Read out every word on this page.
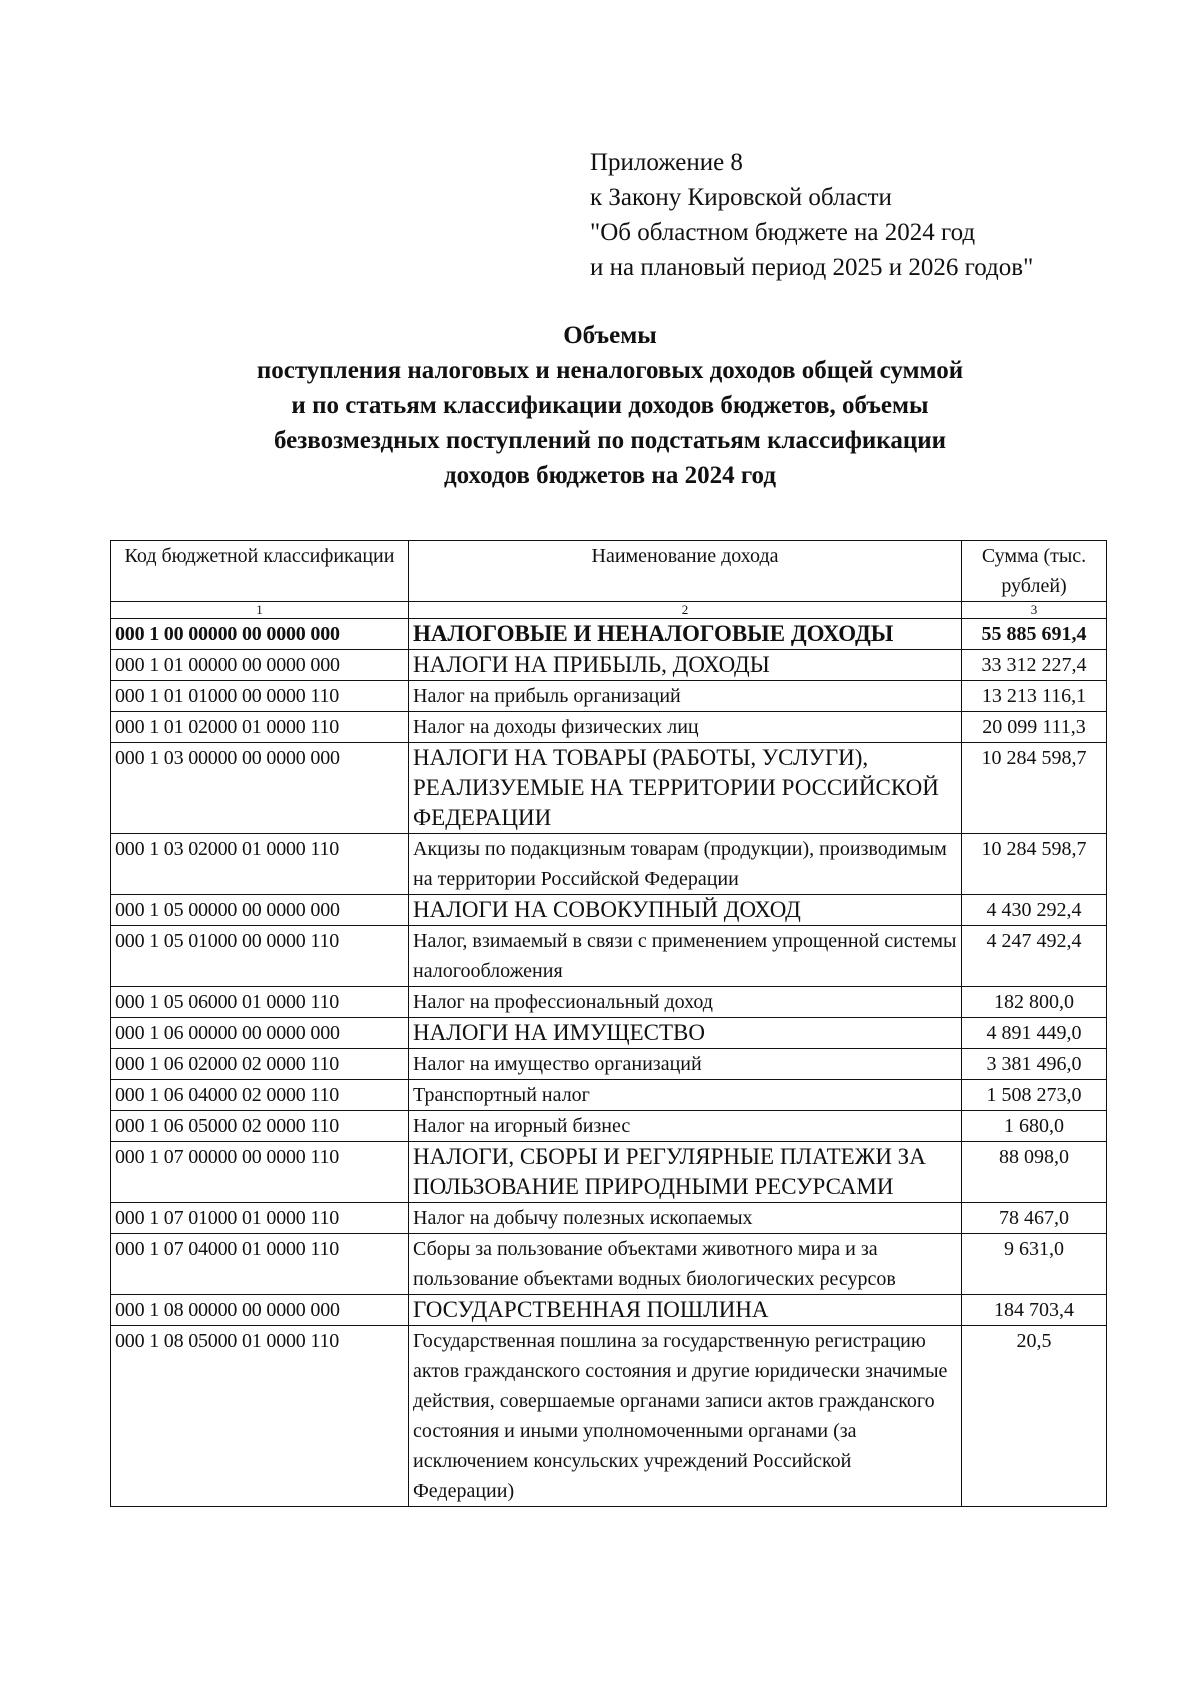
Приложение 8
к Закону Кировской области
"Об областном бюджете на 2024 год
и на плановый период 2025 и 2026 годов"
Объемы
поступления налоговых и неналоговых доходов общей суммой
и по статьям классификации доходов бюджетов, объемы
безвозмездных поступлений по подстатьям классификации
доходов бюджетов на 2024 год
Код бюджетной классификации	Наименование дохода	Сумма (тыс. рублей)
1	2	3
000 1 00 00000 00 0000 000	НАЛОГОВЫЕ И НЕНАЛОГОВЫЕ ДОХОДЫ	55 885 691,4
000 1 01 00000 00 0000 000	НАЛОГИ НА ПРИБЫЛЬ, ДОХОДЫ	33 312 227,4
000 1 01 01000 00 0000 110	Налог на прибыль организаций	13 213 116,1
000 1 01 02000 01 0000 110	Налог на доходы физических лиц	20 099 111,3
000 1 03 00000 00 0000 000	НАЛОГИ НА ТОВАРЫ (РАБОТЫ, УСЛУГИ), РЕАЛИЗУЕМЫЕ НА ТЕРРИТОРИИ РОССИЙСКОЙ ФЕДЕРАЦИИ	10 284 598,7
000 1 03 02000 01 0000 110	Акцизы по подакцизным товарам (продукции), производимым на территории Российской Федерации	10 284 598,7
000 1 05 00000 00 0000 000	НАЛОГИ НА СОВОКУПНЫЙ ДОХОД	4 430 292,4
000 1 05 01000 00 0000 110	Налог, взимаемый в связи с применением упрощенной системы налогообложения	4 247 492,4
000 1 05 06000 01 0000 110	Налог на профессиональный доход	182 800,0
000 1 06 00000 00 0000 000	НАЛОГИ НА ИМУЩЕСТВО	4 891 449,0
000 1 06 02000 02 0000 110	Налог на имущество организаций	3 381 496,0
000 1 06 04000 02 0000 110	Транспортный налог	1 508 273,0
000 1 06 05000 02 0000 110	Налог на игорный бизнес	1 680,0
000 1 07 00000 00 0000 110	НАЛОГИ, СБОРЫ И РЕГУЛЯРНЫЕ ПЛАТЕЖИ ЗА ПОЛЬЗОВАНИЕ ПРИРОДНЫМИ РЕСУРСАМИ	88 098,0
000 1 07 01000 01 0000 110	Налог на добычу полезных ископаемых	78 467,0
000 1 07 04000 01 0000 110	Сборы за пользование объектами животного мира и за пользование объектами водных биологических ресурсов	9 631,0
000 1 08 00000 00 0000 000	ГОСУДАРСТВЕННАЯ ПОШЛИНА	184 703,4
000 1 08 05000 01 0000 110	Государственная пошлина за государственную регистрацию актов гражданского состояния и другие юридически значимые действия, совершаемые органами записи актов гражданского состояния и иными уполномоченными органами (за исключением консульских учреждений Российской Федерации)	20,5
